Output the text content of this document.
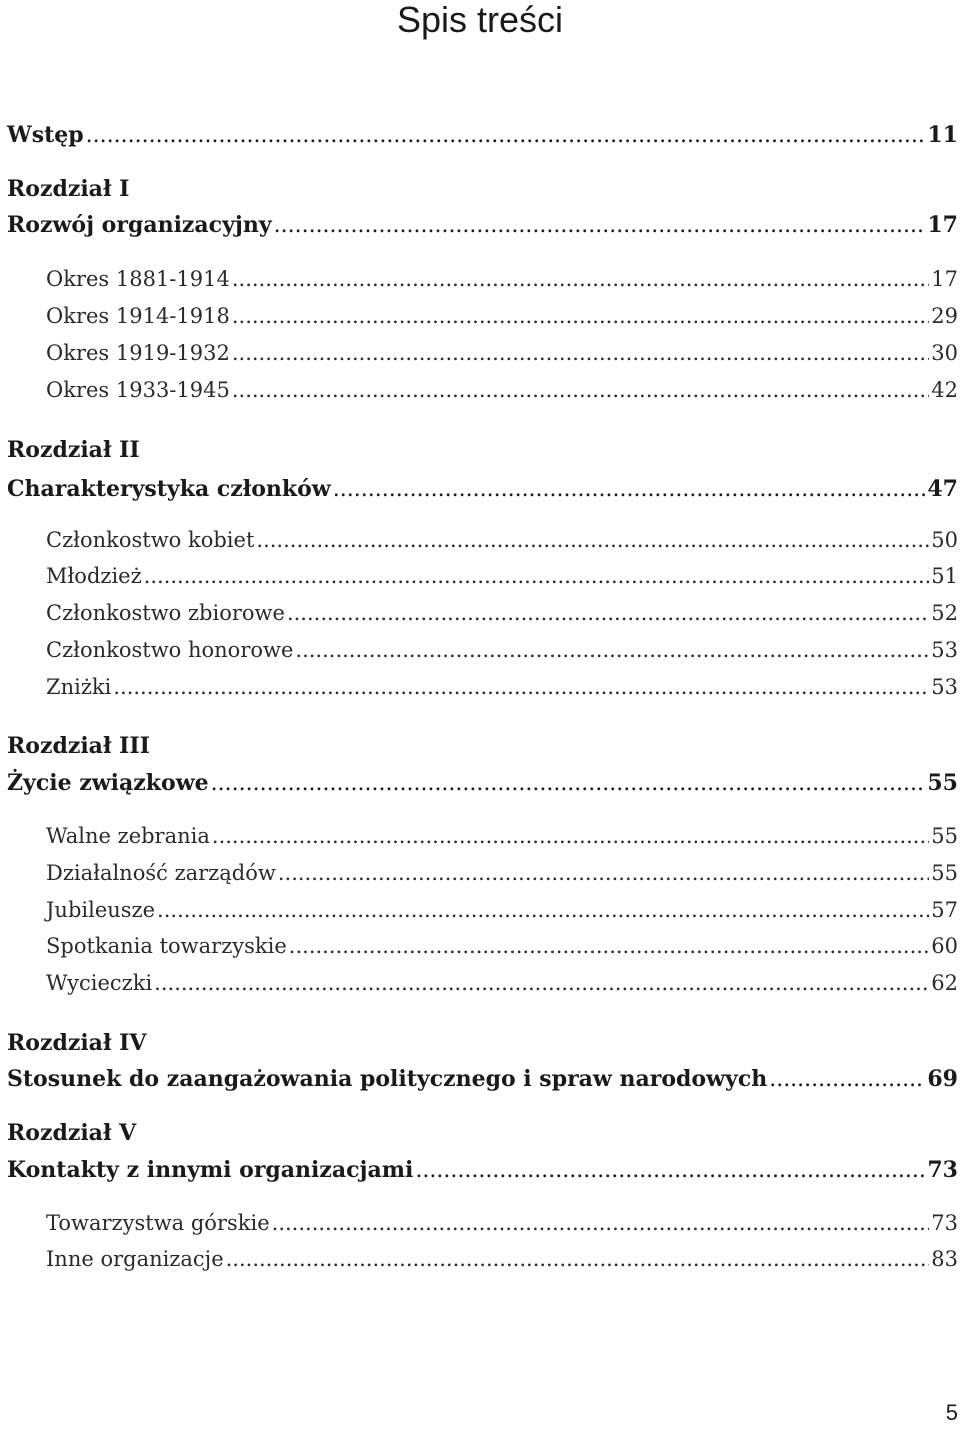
Spis treści
Wstęp .....	11
Rozdział I
Rozwój organizacyjny .....	17
Okres 1881-1914 .....	17
Okres 1914-1918 .....	29
Okres 1919-1932 .....	30
Okres 1933-1945 .....	42
Rozdział II
Charakterystyka członków .....	47
Członkostwo kobiet .....	50
Młodzież .....	51
Członkostwo zbiorowe .....	52
Członkostwo honorowe .....	53
Zniżki .....	53
Rozdział III
Życie związkowe .....	55
Walne zebrania .....	55
Działalność zarządów .....	55
Jubileusze .....	57
Spotkania towarzyskie .....	60
Wycieczki .....	62
Rozdział IV
Stosunek do zaangażowania politycznego i spraw narodowych .....	69
Rozdział V
Kontakty z innymi organizacjami .....	73
Towarzystwa górskie .....	73
Inne organizacje .....	83
5
